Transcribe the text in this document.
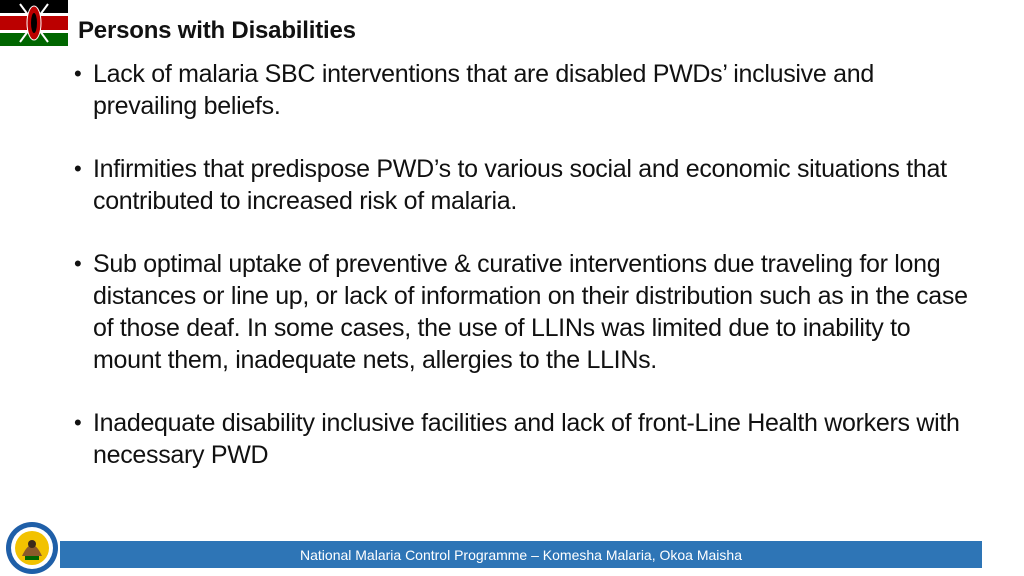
Persons with Disabilities
• Lack of malaria SBC interventions that are disabled PWDs’ inclusive and prevailing beliefs.
• Infirmities that predispose PWD’s to various social and economic situations that contributed to increased risk of malaria.
• Sub optimal uptake of preventive & curative interventions due traveling for long distances or line up, or lack of information on their distribution such as in the case of those deaf. In some cases, the use of LLINs was limited due to inability to mount them, inadequate nets, allergies to the LLINs.
• Inadequate disability inclusive facilities and lack of front-Line Health workers with necessary PWD
National Malaria Control Programme – Komesha Malaria, Okoa Maisha
